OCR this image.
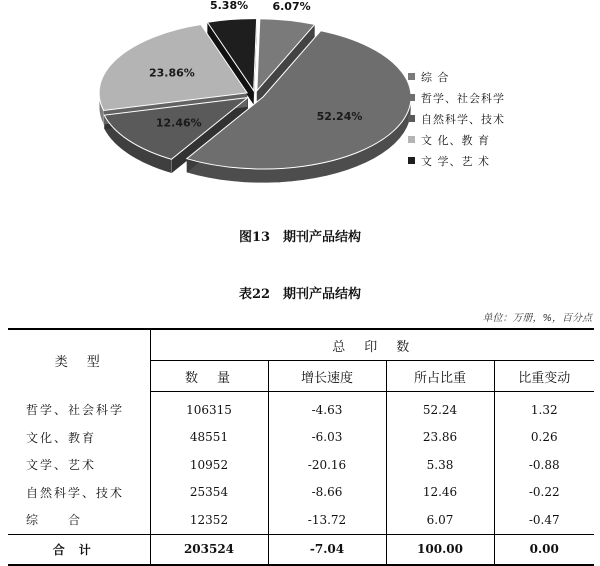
6.07%
52.24%
12.46%
23.86%
5.38%
综 合
哲学、社会科学
自然科学、技术
文 化、教 育
文 学、艺 术
图13　期刊产品结构
表22　期刊产品结构
单位：万册，%，百分点
类　型	总　印　数			
	数　量	增长速度	所占比重	比重变动
哲学、社会科学	106315	-4.63	52.24	1.32
文化、教育	48551	-6.03	23.86	0.26
文学、艺术	10952	-20.16	5.38	-0.88
自然科学、技术	25354	-8.66	12.46	-0.22
综　　合	12352	-13.72	6.07	-0.47
合计	203524	-7.04	100.00	0.00
